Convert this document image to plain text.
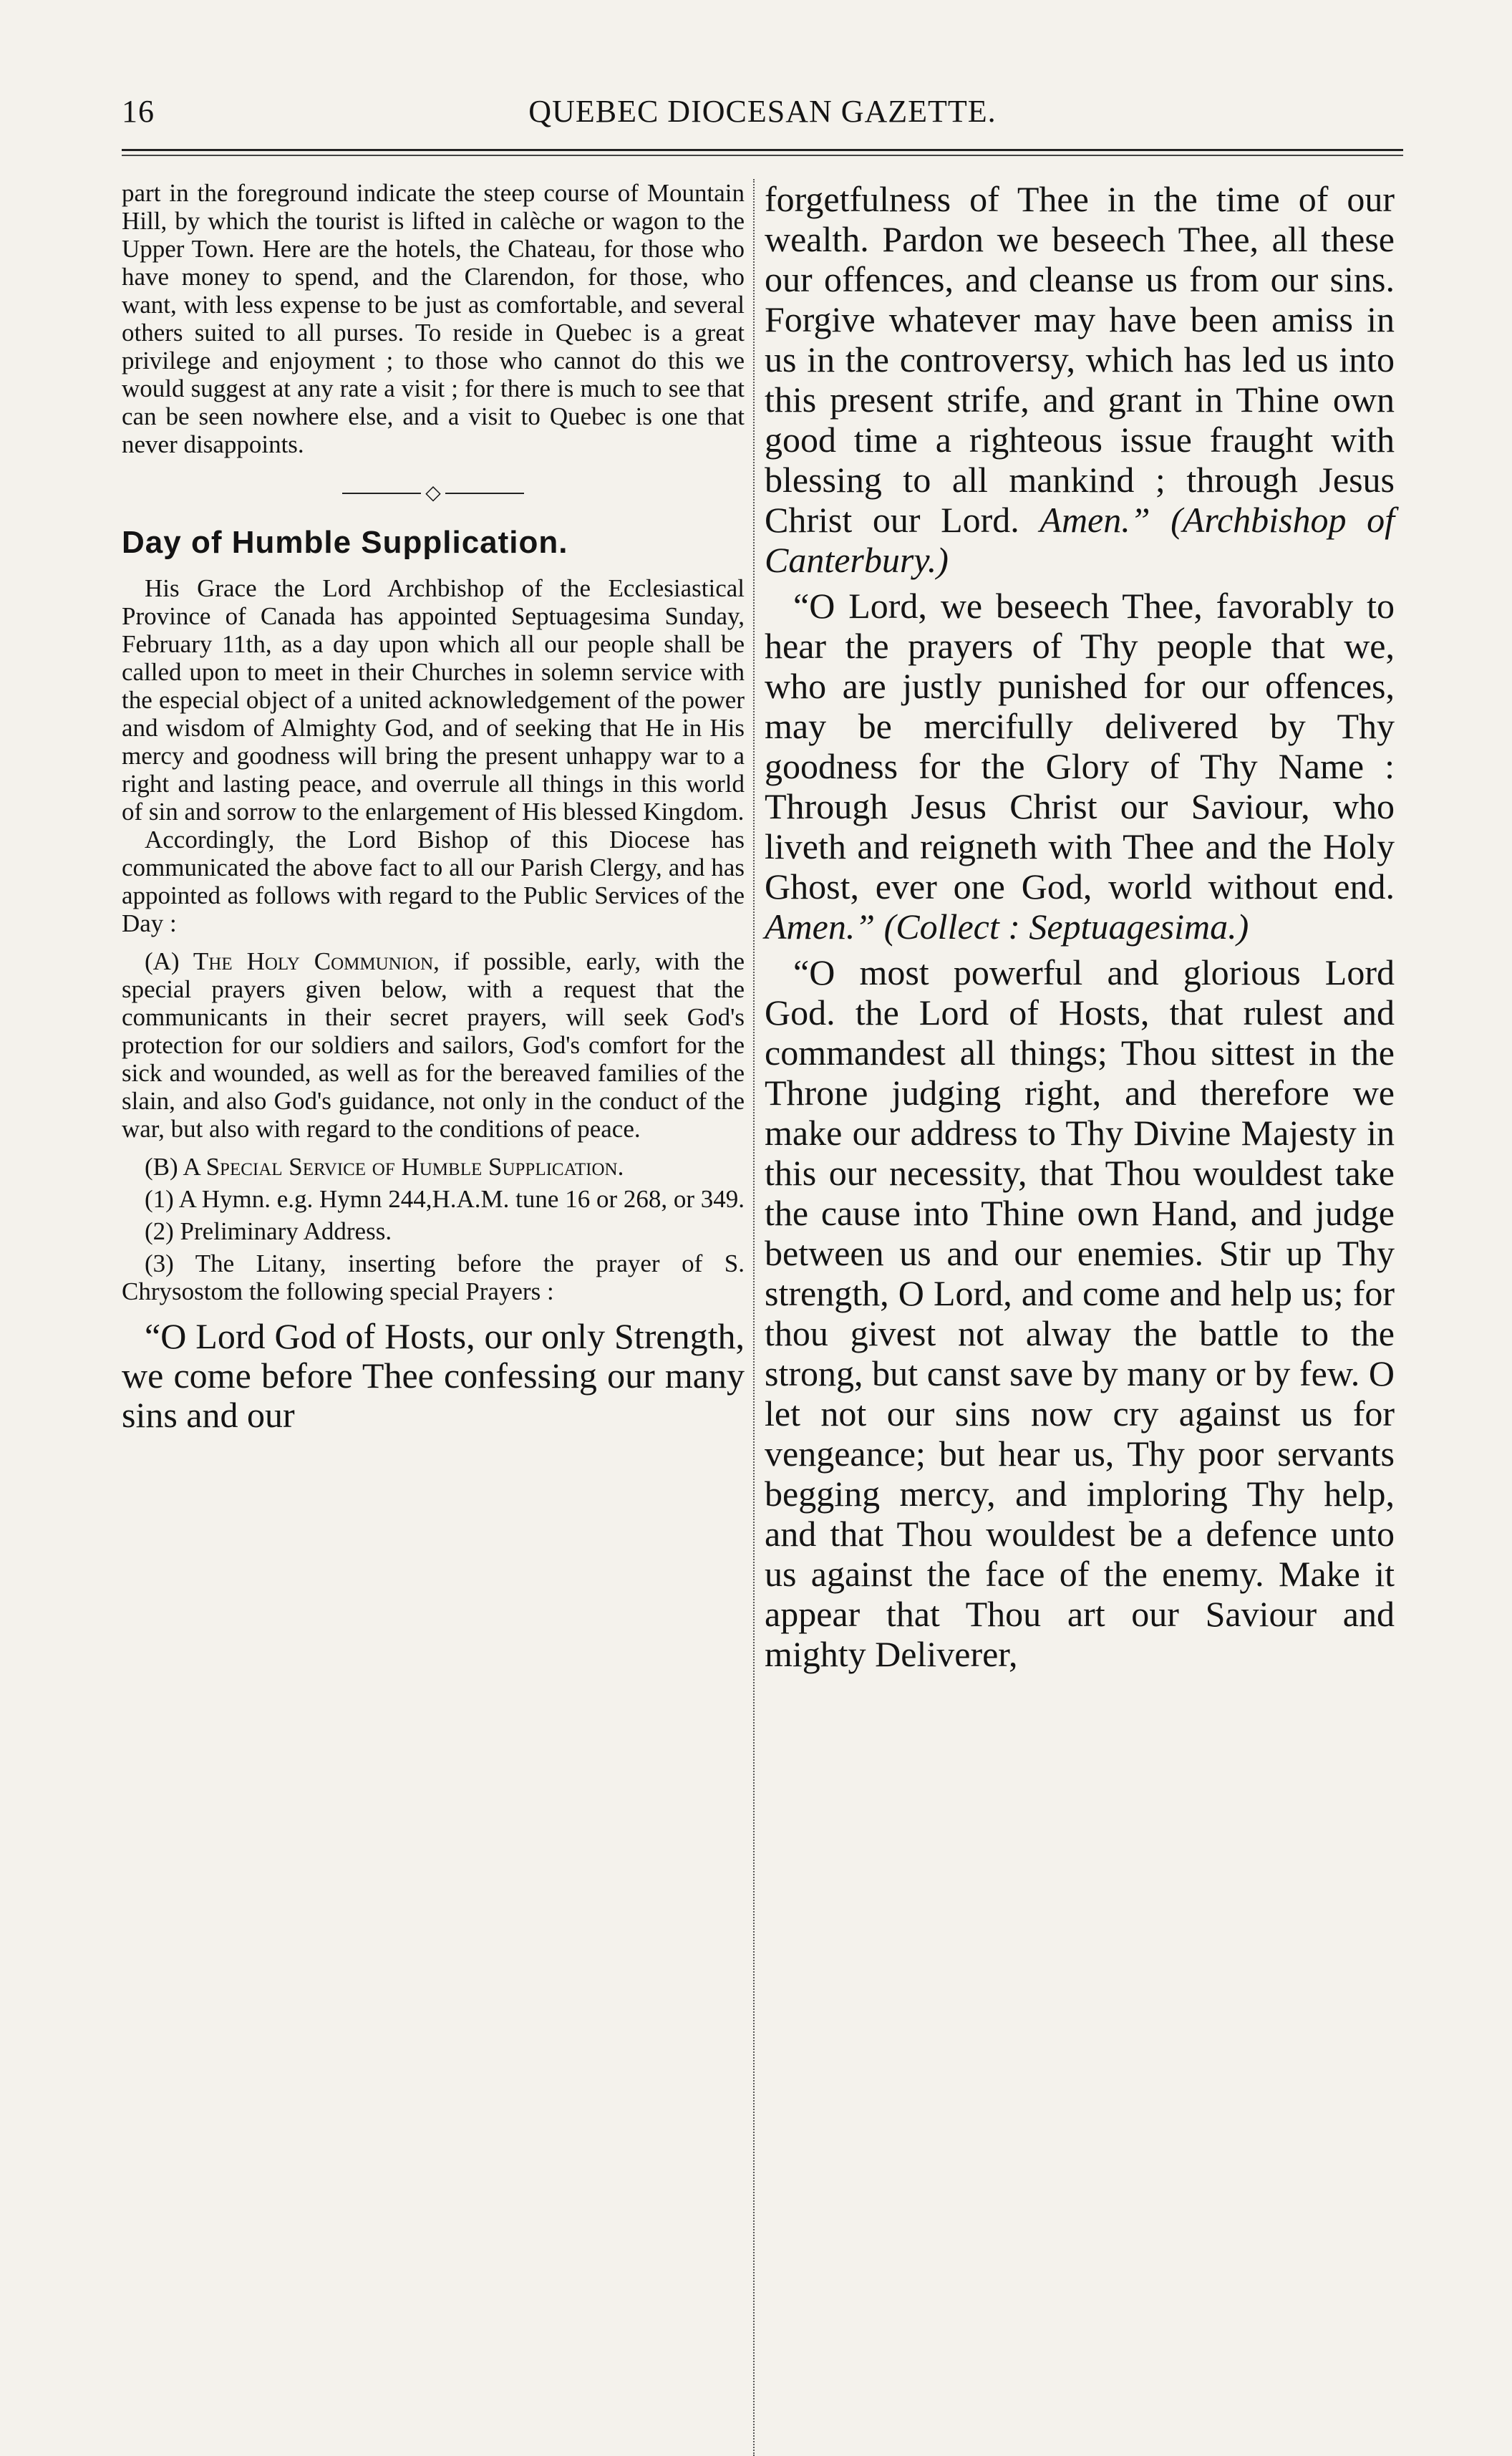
16	QUEBEC DIOCESAN GAZETTE.

part in the foreground indicate the steep course of Mountain Hill, by which the tourist is lifted in calèche or wagon to the Upper Town. Here are the hotels, the Chateau, for those who have money to spend, and the Clarendon, for those, who want, with less expense to be just as comfortable, and several others suited to all purses. To reside in Quebec is a great privilege and enjoyment ; to those who cannot do this we would suggest at any rate a visit ; for there is much to see that can be seen nowhere else, and a visit to Quebec is one that never disappoints.

◇
Day of Humble Supplication.

His Grace the Lord Archbishop of the Ecclesiastical Province of Canada has appointed Septuagesima Sunday, February 11th, as a day upon which all our people shall be called upon to meet in their Churches in solemn service with the especial object of a united acknowledgement of the power and wisdom of Almighty God, and of seeking that He in His mercy and goodness will bring the present unhappy war to a right and lasting peace, and overrule all things in this world of sin and sorrow to the enlargement of His blessed Kingdom.

Accordingly, the Lord Bishop of this Diocese has communicated the above fact to all our Parish Clergy, and has appointed as follows with regard to the Public Services of the Day :

(A) The Holy Communion, if possible, early, with the special prayers given below, with a request that the communicants in their secret prayers, will seek God's protection for our soldiers and sailors, God's comfort for the sick and wounded, as well as for the bereaved families of the slain, and also God's guidance, not only in the conduct of the war, but also with regard to the conditions of peace.

(B) A Special Service of Humble Supplication.

(1) A Hymn. e.g. Hymn 244,H.A.M. tune 16 or 268, or 349.

(2) Preliminary Address.

(3) The Litany, inserting before the prayer of S. Chrysostom the following special Prayers :

“O Lord God of Hosts, our only Strength, we come before Thee confessing our many sins and our

forgetfulness of Thee in the time of our wealth. Pardon we beseech Thee, all these our offences, and cleanse us from our sins. Forgive whatever may have been amiss in us in the controversy, which has led us into this present strife, and grant in Thine own good time a righteous issue fraught with blessing to all mankind ; through Jesus Christ our Lord. Amen.” (Archbishop of Canterbury.)

“O Lord, we beseech Thee, favorably to hear the prayers of Thy people that we, who are justly punished for our offences, may be mercifully delivered by Thy goodness for the Glory of Thy Name : Through Jesus Christ our Saviour, who liveth and reigneth with Thee and the Holy Ghost, ever one God, world without end. Amen.” (Collect : Septuagesima.)

“O most powerful and glorious Lord God. the Lord of Hosts, that rulest and commandest all things; Thou sittest in the Throne judging right, and therefore we make our address to Thy Divine Majesty in this our necessity, that Thou wouldest take the cause into Thine own Hand, and judge between us and our enemies. Stir up Thy strength, O Lord, and come and help us; for thou givest not alway the battle to the strong, but canst save by many or by few. O let not our sins now cry against us for vengeance; but hear us, Thy poor servants begging mercy, and imploring Thy help, and that Thou wouldest be a defence unto us against the face of the enemy. Make it appear that Thou art our Saviour and mighty Deliverer,
